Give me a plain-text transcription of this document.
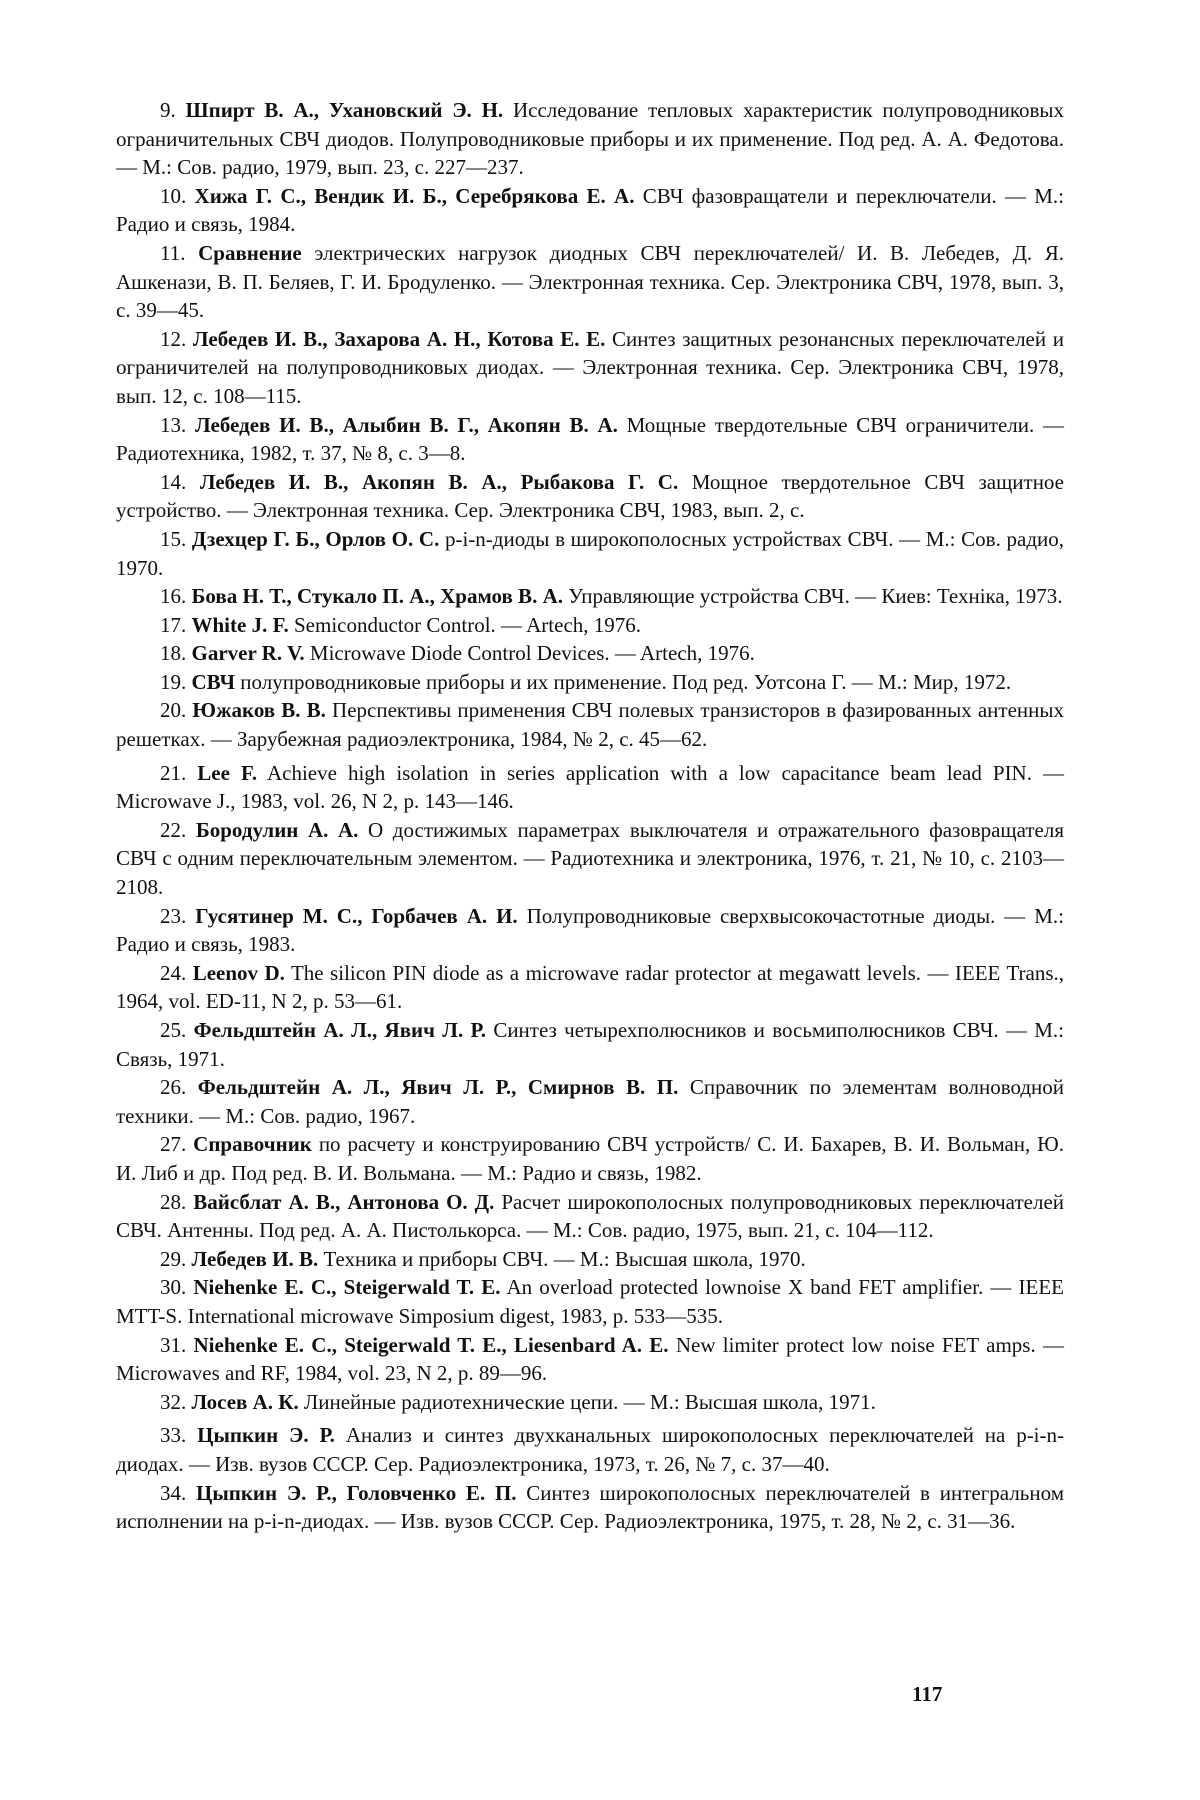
9. Шпирт В. А., Ухановский Э. Н. Исследование тепловых характеристик полупроводниковых ограничительных СВЧ диодов. Полупроводниковые приборы и их применение. Под ред. А. А. Федотова. — М.: Сов. радио, 1979, вып. 23, с. 227—237.

10. Хижа Г. С., Вендик И. Б., Серебрякова Е. А. СВЧ фазовращатели и переключатели. — М.: Радио и связь, 1984.

11. Сравнение электрических нагрузок диодных СВЧ переключателей/ И. В. Лебедев, Д. Я. Ашкенази, В. П. Беляев, Г. И. Бродуленко. — Электронная техника. Сер. Электроника СВЧ, 1978, вып. 3, с. 39—45.

12. Лебедев И. В., Захарова А. Н., Котова Е. Е. Синтез защитных резонансных переключателей и ограничителей на полупроводниковых диодах. — Электронная техника. Сер. Электроника СВЧ, 1978, вып. 12, с. 108—115.

13. Лебедев И. В., Алыбин В. Г., Акопян В. А. Мощные твердотельные СВЧ ограничители. — Радиотехника, 1982, т. 37, № 8, с. 3—8.

14. Лебедев И. В., Акопян В. А., Рыбакова Г. С. Мощное твердотельное СВЧ защитное устройство. — Электронная техника. Сер. Электроника СВЧ, 1983, вып. 2, с.

15. Дзехцер Г. Б., Орлов О. С. p-i-n-диоды в широкополосных устройствах СВЧ. — М.: Сов. радио, 1970.

16. Бова Н. Т., Стукало П. А., Храмов В. А. Управляющие устройства СВЧ. — Киев: Техніка, 1973.

17. White J. F. Semiconductor Control. — Artech, 1976.

18. Garver R. V. Microwave Diode Control Devices. — Artech, 1976.

19. СВЧ полупроводниковые приборы и их применение. Под ред. Уотсона Г. — М.: Мир, 1972.

20. Южаков В. В. Перспективы применения СВЧ полевых транзисторов в фазированных антенных решетках. — Зарубежная радиоэлектроника, 1984, № 2, с. 45—62.

21. Lee F. Achieve high isolation in series application with a low capacitance beam lead PIN. — Microwave J., 1983, vol. 26, N 2, p. 143—146.

22. Бородулин А. А. О достижимых параметрах выключателя и отражательного фазовращателя СВЧ с одним переключательным элементом. — Радиотехника и электроника, 1976, т. 21, № 10, с. 2103—2108.

23. Гусятинер М. С., Горбачев А. И. Полупроводниковые сверхвысокочастотные диоды. — М.: Радио и связь, 1983.

24. Leenov D. The silicon PIN diode as a microwave radar protector at megawatt levels. — IEEE Trans., 1964, vol. ED-11, N 2, p. 53—61.

25. Фельдштейн А. Л., Явич Л. Р. Синтез четырехполюсников и восьмиполюсников СВЧ. — М.: Связь, 1971.

26. Фельдштейн А. Л., Явич Л. Р., Смирнов В. П. Справочник по элементам волноводной техники. — М.: Сов. радио, 1967.

27. Справочник по расчету и конструированию СВЧ устройств/ С. И. Бахарев, В. И. Вольман, Ю. И. Либ и др. Под ред. В. И. Вольмана. — М.: Радио и связь, 1982.

28. Вайсблат А. В., Антонова О. Д. Расчет широкополосных полупроводниковых переключателей СВЧ. Антенны. Под ред. А. А. Пистолькорса. — М.: Сов. радио, 1975, вып. 21, с. 104—112.

29. Лебедев И. В. Техника и приборы СВЧ. — М.: Высшая школа, 1970.

30. Niehenke E. C., Steigerwald T. E. An overload protected lownoise X band FET amplifier. — IEEE MTT-S. International microwave Simposium digest, 1983, p. 533—535.

31. Niehenke E. C., Steigerwald T. E., Liesenbard A. E. New limiter protect low noise FET amps. — Microwaves and RF, 1984, vol. 23, N 2, p. 89—96.

32. Лосев А. К. Линейные радиотехнические цепи. — М.: Высшая школа, 1971.

33. Цыпкин Э. Р. Анализ и синтез двухканальных широкополосных переключателей на p-i-n-диодах. — Изв. вузов СССР. Сер. Радиоэлектроника, 1973, т. 26, № 7, с. 37—40.

34. Цыпкин Э. Р., Головченко Е. П. Синтез широкополосных переключателей в интегральном исполнении на p-i-n-диодах. — Изв. вузов СССР. Сер. Радиоэлектроника, 1975, т. 28, № 2, с. 31—36.

117
